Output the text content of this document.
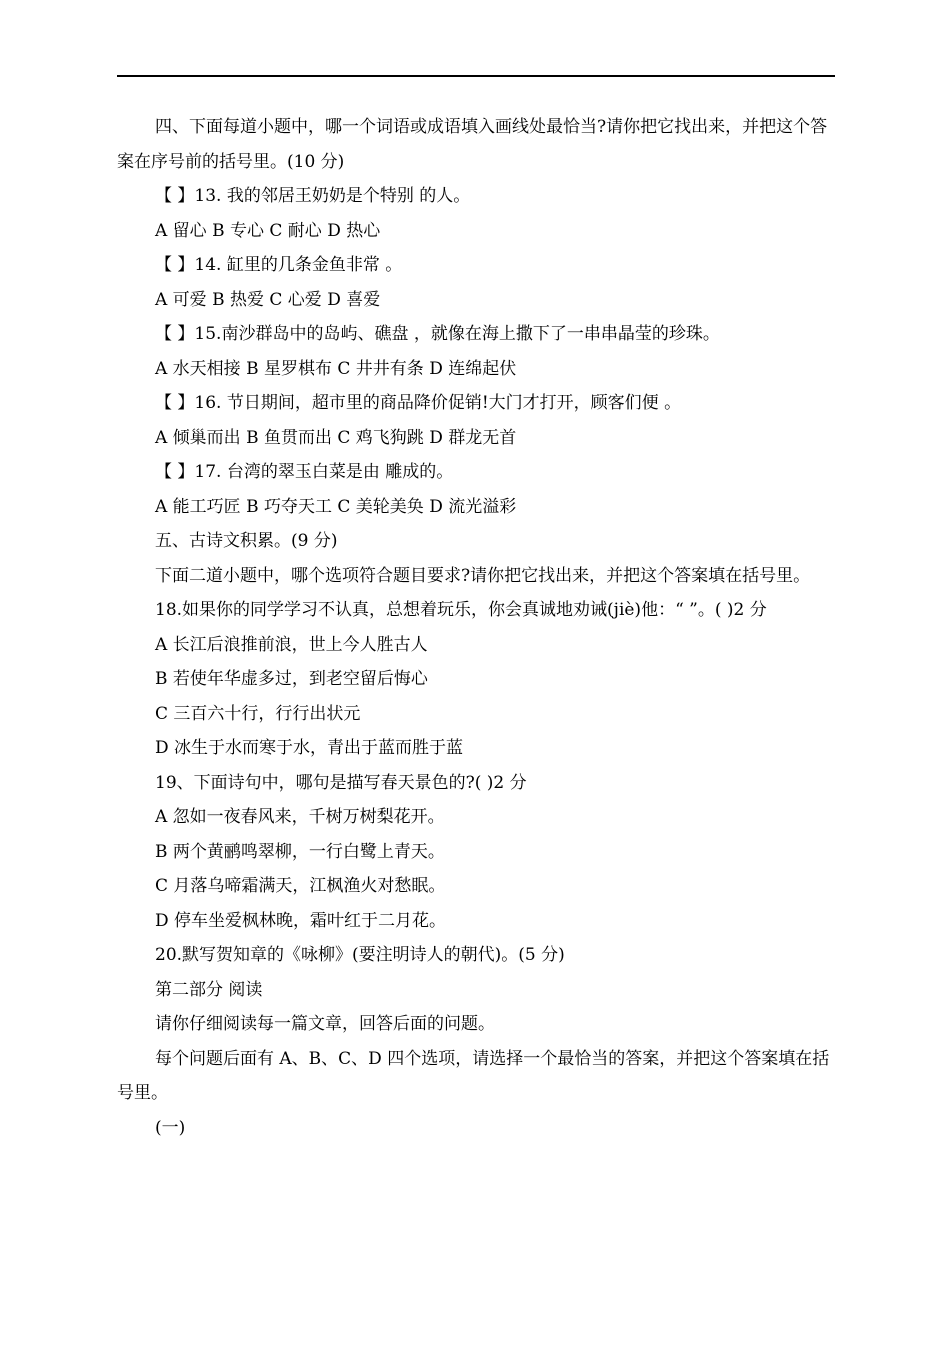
四、下面每道小题中，哪一个词语或成语填入画线处最恰当?请你把它找出来，并把这个答案在序号前的括号里。(10 分)

【 】13. 我的邻居王奶奶是个特别 的人。

A 留心 B 专心 C 耐心 D 热心

【 】14. 缸里的几条金鱼非常 。

A 可爱 B 热爱 C 心爱 D 喜爱

【 】15.南沙群岛中的岛屿、礁盘 ，就像在海上撒下了一串串晶莹的珍珠。

A 水天相接 B 星罗棋布 C 井井有条 D 连绵起伏

【 】16. 节日期间，超市里的商品降价促销!大门才打开，顾客们便 。

A 倾巢而出 B 鱼贯而出 C 鸡飞狗跳 D 群龙无首

【 】17. 台湾的翠玉白菜是由 雕成的。

A 能工巧匠 B 巧夺天工 C 美轮美奂 D 流光溢彩

五、古诗文积累。(9 分)

下面二道小题中，哪个选项符合题目要求?请你把它找出来，并把这个答案填在括号里。

18.如果你的同学学习不认真，总想着玩乐，你会真诚地劝诫(jiè)他：“ ”。( )2 分

A 长江后浪推前浪，世上今人胜古人

B 若使年华虚多过，到老空留后悔心

C 三百六十行，行行出状元

D 冰生于水而寒于水，青出于蓝而胜于蓝

19、下面诗句中，哪句是描写春天景色的?( )2 分

A 忽如一夜春风来，千树万树梨花开。

B 两个黄鹂鸣翠柳，一行白鹭上青天。

C 月落乌啼霜满天，江枫渔火对愁眠。

D 停车坐爱枫林晚，霜叶红于二月花。

20.默写贺知章的《咏柳》(要注明诗人的朝代)。(5 分)

第二部分 阅读

请你仔细阅读每一篇文章，回答后面的问题。

每个问题后面有 A、B、C、D 四个选项，请选择一个最恰当的答案，并把这个答案填在括号里。

(一)
